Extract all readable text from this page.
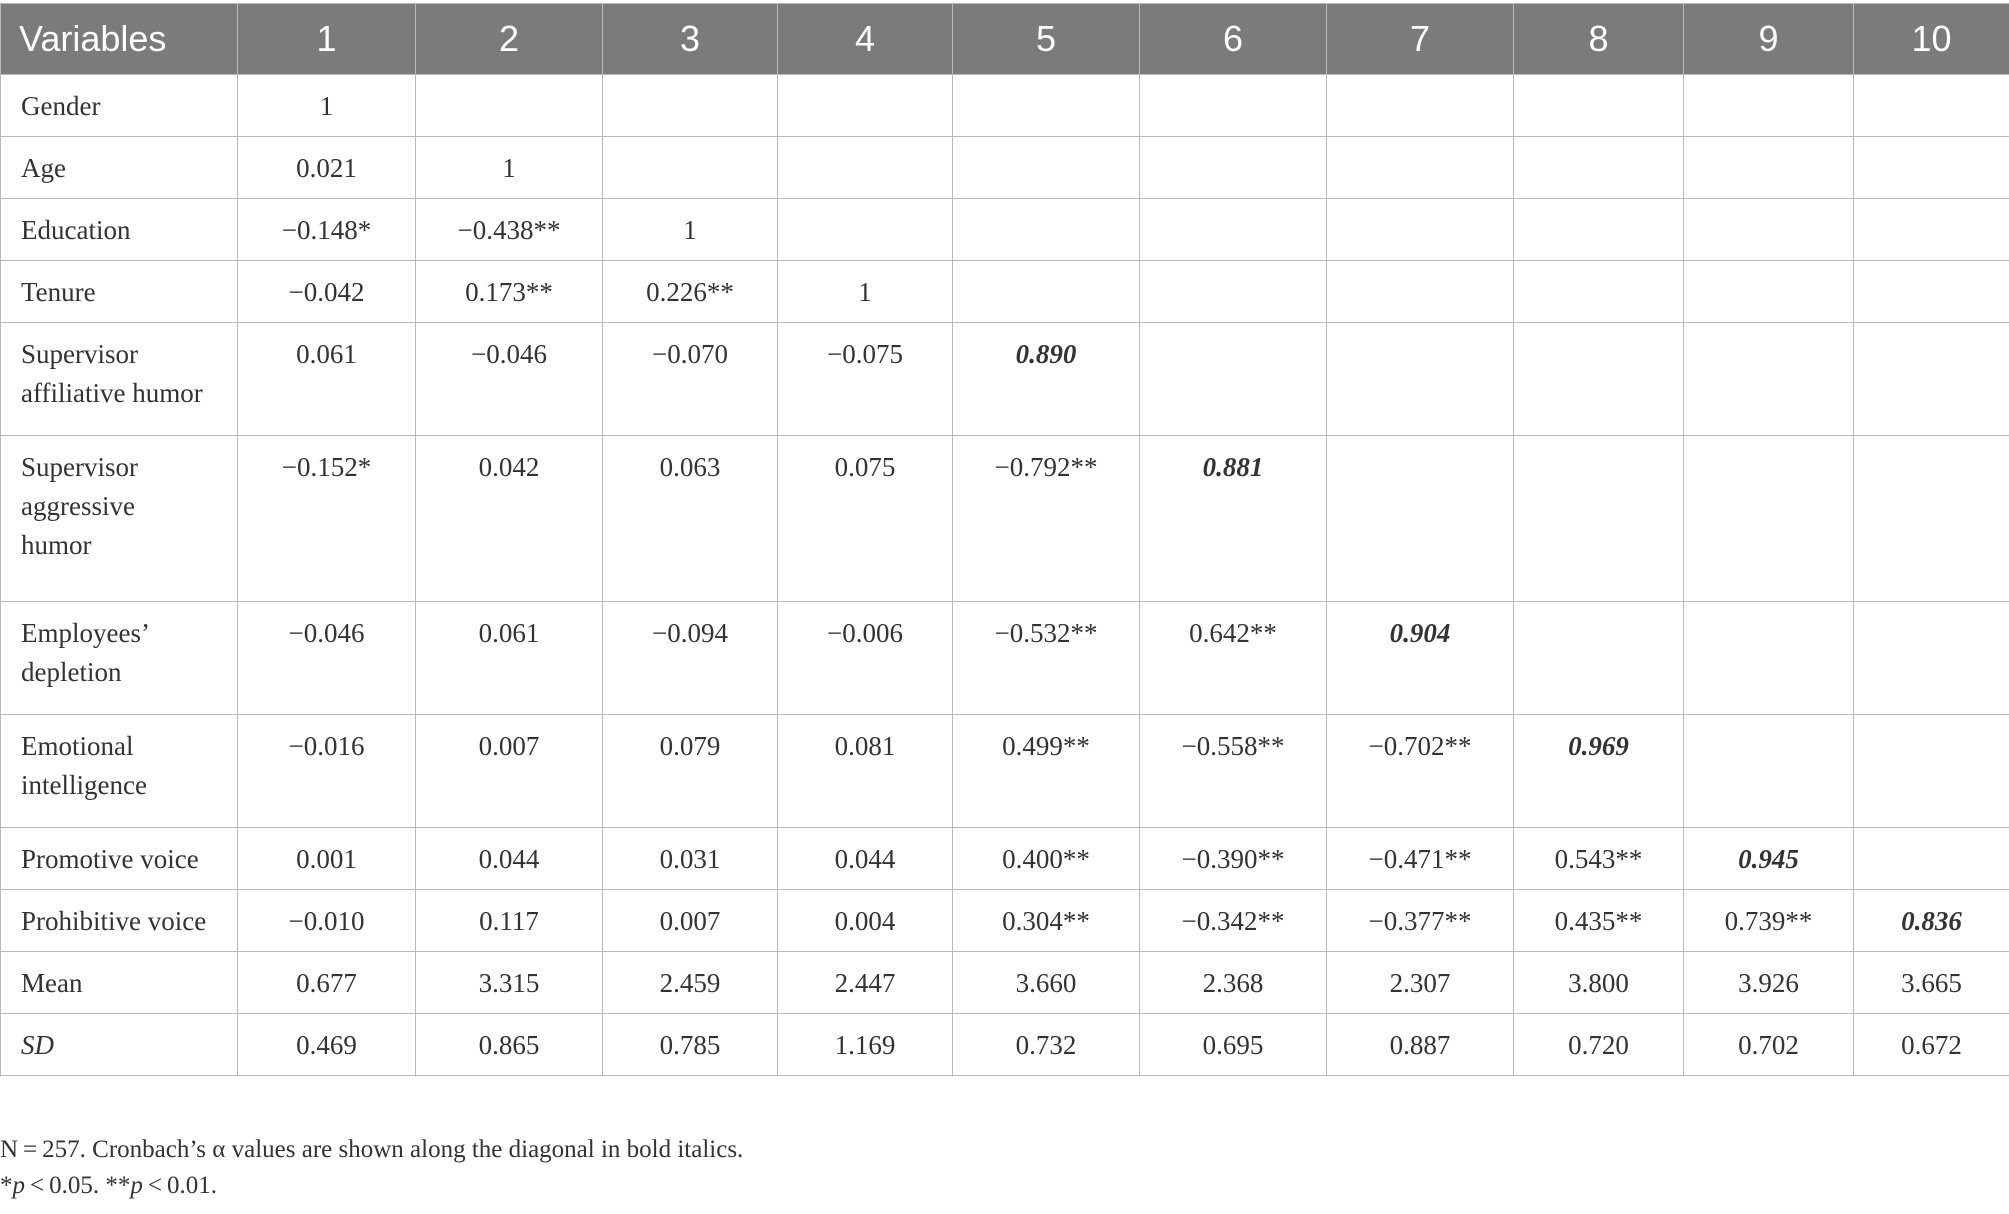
Variables	1	2	3	4	5	6	7	8	9	10

Gender	1									

Age	0.021	1								

Education	−0.148*	−0.438**	1							

Tenure	−0.042	0.173**	0.226**	1						

Supervisor
affiliative humor	0.061	−0.046	−0.070	−0.075	0.890					

Supervisor
aggressive
humor	−0.152*	0.042	0.063	0.075	−0.792**	0.881				

Employees’
depletion	−0.046	0.061	−0.094	−0.006	−0.532**	0.642**	0.904			

Emotional
intelligence	−0.016	0.007	0.079	0.081	0.499**	−0.558**	−0.702**	0.969		

Promotive voice	0.001	0.044	0.031	0.044	0.400**	−0.390**	−0.471**	0.543**	0.945	

Prohibitive voice	−0.010	0.117	0.007	0.004	0.304**	−0.342**	−0.377**	0.435**	0.739**	0.836

Mean	0.677	3.315	2.459	2.447	3.660	2.368	2.307	3.800	3.926	3.665

SD	0.469	0.865	0.785	1.169	0.732	0.695	0.887	0.720	0.702	0.672
N = 257. Cronbach’s α values are shown along the diagonal in bold italics.
*p < 0.05. **p < 0.01.
